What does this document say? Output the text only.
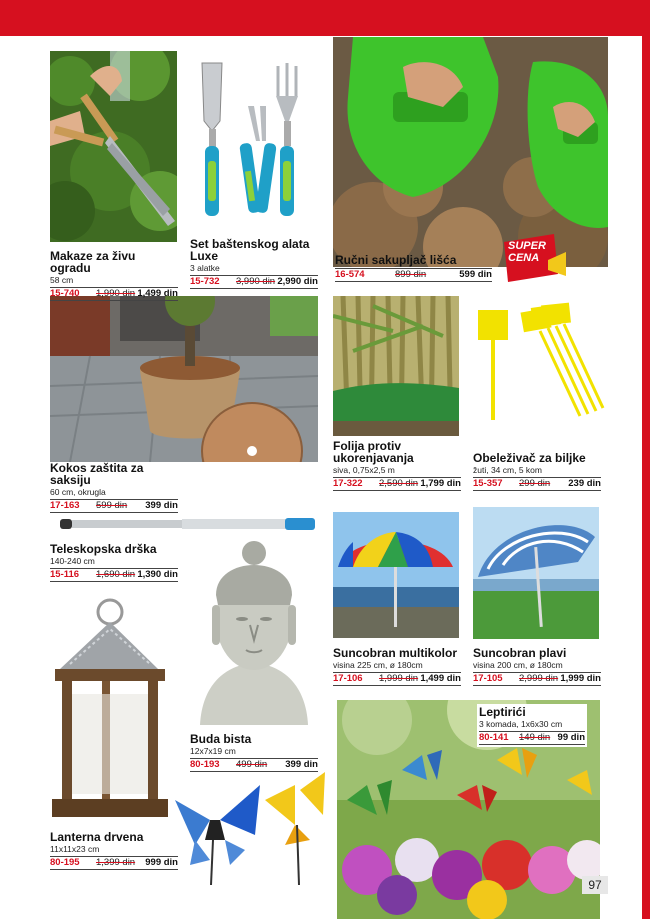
SUPER
CENA
Makaze za živu ogradu
58 cm
15-740 1,990 din 1,499 din
Set baštenskog alata
Luxe
3 alatke
15-732 3,990 din 2,990 din
Ručni sakupljač lišća
16-574	899 din	599 din
Kokos zaštita za saksiju
60 cm, okrugla
17-163 599 din 399 din
Folija protiv
ukorenjavanja
siva, 0,75x2,5 m
17-322 2,590 din 1,799 din
Obeleživač za biljke
žuti, 34 cm, 5 kom
15-357 299 din 239 din
Teleskopska drška
140-240 cm
15-116 1,690 din 1,390 din
Suncobran multikolor
visina 225 cm, ø 180cm
17-106 1,999 din 1,499 din
Suncobran plavi
visina 200 cm, ø 180cm
17-105 2,999 din 1,999 din
Leptirići
3 komada, 1x6x30 cm
80-141 149 din 99 din
Buda bista
12x7x19 cm
80-193 499 din 399 din
Lanterna drvena
11x11x23 cm
80-195 1,399 din 999 din
97
